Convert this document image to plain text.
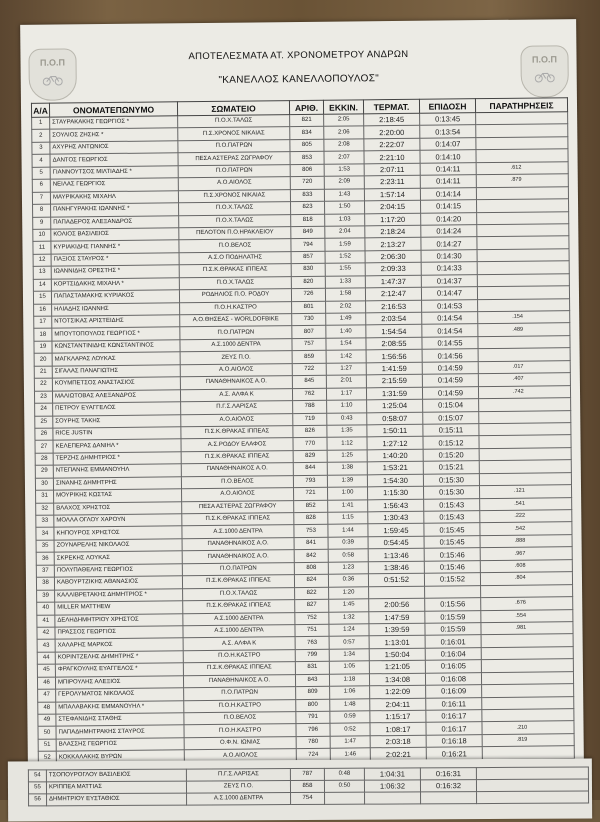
Π.Ο.Π	Π.Ο.Π
ΑΠΟΤΕΛΕΣΜΑΤΑ ΑΤ. ΧΡΟΝΟΜΕΤΡΟΥ ΑΝΔΡΩΝ
"ΚΑΝΕΛΛΟΣ ΚΑΝΕΛΛΟΠΟΥΛΟΣ"
Α/Α	ΟΝΟΜΑΤΕΠΩΝΥΜΟ	ΣΩΜΑΤΕΙΟ	ΑΡΙΘ.	ΕΚΚΙΝ.	ΤΕΡΜΑΤ.	ΕΠΙΔΟΣΗ	ΠΑΡΑΤΗΡΗΣΕΙΣ
1	ΣΤΑΥΡΑΚΑΚΗΣ ΓΕΩΡΓΙΟΣ *	Π.Ο.Χ.ΤΑΛΩΣ	821	2:05	2:18:45	0:13:45	
2	ΣΟΥΛΙΟΣ ΖΗΣΗΣ *	Π.Σ.ΧΡΟΝΟΣ ΝΙΚΑΙΑΣ	834	2:06	2:20:00	0:13:54	
3	ΑΧΥΡΗΣ ΑΝΤΩΝΙΟΣ	Π.Ο.ΠΑΤΡΩΝ	805	2:08	2:22:07	0:14:07	
4	ΔΑΝΤΟΣ ΓΕΩΡΓΙΟΣ	ΠΕΣΑ ΑΣΤΕΡΑΣ ΖΩΓΡΑΦΟΥ	853	2:07	2:21:10	0:14:10	
5	ΓΙΑΝΝΟΥΤΣΟΣ ΜΙΛΤΙΑΔΗΣ *	Π.Ο.ΠΑΤΡΩΝ	806	1:53	2:07:11	0:14:11	.612
6	ΝΕΙΛΑΣ ΓΕΩΡΓΙΟΣ	Α.Ο.ΑΙΟΛΟΣ	720	2:09	2:23:11	0:14:11	.879
7	ΜΑΥΡΙΚΑΚΗΣ ΜΙΧΑΗΛ	Π.Σ.ΧΡΟΝΟΣ ΝΙΚΑΙΑΣ	833	1:43	1:57:14	0:14:14	
8	ΠΑΝΗΓΥΡΑΚΗΣ ΙΩΑΝΝΗΣ *	Π.Ο.Χ.ΤΑΛΩΣ	823	1:50	2:04:15	0:14:15	
9	ΠΑΠΑΔΕΡΟΣ ΑΛΕΞΑΝΔΡΟΣ	Π.Ο.Χ.ΤΑΛΩΣ	818	1:03	1:17:20	0:14:20	
10	ΚΟΛΙΟΣ ΒΑΣΙΛΕΙΟΣ	ΠΕΛΟΤΟΝ Π.Ο.ΗΡΑΚΛΕΙΟΥ	849	2:04	2:18:24	0:14:24	
11	ΚΥΡΙΑΚΙΔΗΣ ΓΙΑΝΝΗΣ *	Π.Ο.ΒΕΛΟΣ	794	1:59	2:13:27	0:14:27	
12	ΠΑΞΙΟΣ ΣΤΑΥΡΟΣ *	Α.Σ.Ο ΠΟΔΗΛΑΤΗΣ	857	1:52	2:06:30	0:14:30	
13	ΙΩΑΝΝΙΔΗΣ ΟΡΕΣΤΗΣ *	Π.Σ.Κ.ΘΡΑΚΑΣ ΙΠΠΕΑΣ	830	1:55	2:09:33	0:14:33	
14	ΚΟΡΤΣΙΔΑΚΗΣ ΜΙΧΑΗΛ *	Π.Ο.Χ.ΤΑΛΩΣ	820	1:33	1:47:37	0:14:37	
15	ΠΑΠΑΣΤΑΜΑΚΗΣ ΚΥΡΙΑΚΟΣ	ΡΟΔΗΛΙΟΣ Π.Ο. ΡΟΔΟΥ	726	1:58	2:12:47	0:14:47	
16	ΗΛΙΑΔΗΣ ΙΩΑΝΝΗΣ	Π.Ο.Η.ΚΑΣΤΡΟ	801	2:02	2:16:53	0:14:53	
17	ΝΤΟΤΣΙΚΑΣ ΑΡΙΣΤΕΙΔΗΣ	Α.Ο.ΘΗΣΕΑΣ - WORLDOFBIKE	730	1:49	2:03:54	0:14:54	.154
18	ΜΠΟΥΤΟΠΟΥΛΟΣ ΓΕΩΡΓΙΟΣ *	Π.Ο.ΠΑΤΡΩΝ	807	1:40	1:54:54	0:14:54	.489
19	ΚΩΝΣΤΑΝΤΙΝΙΔΗΣ ΚΩΝΣΤΑΝΤΙΝΟΣ	Α.Σ.1000 ΔΕΝΤΡΑ	757	1:54	2:08:55	0:14:55	
20	ΜΑΓΚΛΑΡΑΣ ΛΟΥΚΑΣ	ΖΕΥΣ Π.Ο.	859	1:42	1:56:56	0:14:56	
21	ΣΙΓΑΛΑΣ ΠΑΝΑΓΙΩΤΗΣ	Α.Ο.ΑΙΟΛΟΣ	722	1:27	1:41:59	0:14:59	.017
22	ΚΟΥΜΠΕΤΣΟΣ ΑΝΑΣΤΑΣΙΟΣ	ΠΑΝΑΘΗΝΑΙΚΟΣ Α.Ο.	845	2:01	2:15:59	0:14:59	.407
23	ΜΑΛΙΩΤΟΒΑΣ ΑΛΕΞΑΝΔΡΟΣ	Α.Σ. ΑΛΦΑ Κ	762	1:17	1:31:59	0:14:59	.742
24	ΠΕΤΡΟΥ ΕΥΑΓΓΕΛΟΣ	Π.Γ.Σ.ΛΑΡΙΣΑΣ	788	1:10	1:25:04	0:15:04	
25	ΣΟΥΡΗΣ ΤΑΚΗΣ	Α.Ο.ΑΙΟΛΟΣ	719	0:43	0:58:07	0:15:07	
26	RICE JUSTIN	Π.Σ.Κ.ΘΡΑΚΑΣ ΙΠΠΕΑΣ	826	1:35	1:50:11	0:15:11	
27	ΚΕΛΕΠΕΡΑΣ ΔΑΝΙΗΛ *	Α.Σ.ΡΟΔΟΥ ΕΛΑΦΟΣ	770	1:12	1:27:12	0:15:12	
28	ΤΕΡΖΗΣ ΔΗΜΗΤΡΙΟΣ *	Π.Σ.Κ.ΘΡΑΚΑΣ ΙΠΠΕΑΣ	829	1:25	1:40:20	0:15:20	
29	ΝΤΕΠΑΝΗΣ ΕΜΜΑΝΟΥΗΛ	ΠΑΝΑΘΗΝΑΙΚΟΣ Α.Ο.	844	1:38	1:53:21	0:15:21	
30	ΣΙΝΑΝΗΣ ΔΗΜΗΤΡΗΣ	Π.Ο.ΒΕΛΟΣ	793	1:39	1:54:30	0:15:30	
31	ΜΟΥΡΙΚΗΣ ΚΩΣΤΑΣ	Α.Ο.ΑΙΟΛΟΣ	721	1:00	1:15:30	0:15:30	.121
32	ΒΛΑΧΟΣ ΧΡΗΣΤΟΣ	ΠΕΣΑ ΑΣΤΕΡΑΣ ΖΩΓΡΑΦΟΥ	852	1:41	1:56:43	0:15:43	.541
33	ΜΟΛΛΑ ΟΓΛΟΥ ΧΑΡΟΥΝ	Π.Σ.Κ.ΘΡΑΚΑΣ ΙΠΠΕΑΣ	828	1:15	1:30:43	0:15:43	.222
34	ΚΗΠΟΥΡΟΣ ΧΡΗΣΤΟΣ	Α.Σ.1000 ΔΕΝΤΡΑ	753	1:44	1:59:45	0:15:45	.542
35	ΖΟΥΝΑΡΕΛΗΣ ΝΙΚΟΛΑΟΣ	ΠΑΝΑΘΗΝΑΙΚΟΣ Α.Ο.	841	0:39	0:54:45	0:15:45	.888
36	ΣΚΡΕΚΗΣ ΛΟΥΚΑΣ	ΠΑΝΑΘΗΝΑΙΚΟΣ Α.Ο.	842	0:58	1:13:46	0:15:46	.967
37	ΠΟΛΥΠΑΘΕΛΗΣ ΓΕΩΡΓΙΟΣ	Π.Ο.ΠΑΤΡΩΝ	808	1:23	1:38:46	0:15:46	.608
38	ΚΑΒΟΥΡΤΖΙΚΗΣ ΑΘΑΝΑΣΙΟΣ	Π.Σ.Κ.ΘΡΑΚΑΣ ΙΠΠΕΑΣ	824	0:36	0:51:52	0:15:52	.804
39	ΚΑΛΛΙΒΡΕΤΑΚΗΣ ΔΗΜΗΤΡΙΟΣ *	Π.Ο.Χ.ΤΑΛΩΣ	822	1:20			
40	MILLER MATTHEW	Π.Σ.Κ.ΘΡΑΚΑΣ ΙΠΠΕΑΣ	827	1:45	2:00:56	0:15:56	.676
41	ΔΕΛΗΔΗΜΗΤΡΙΟΥ ΧΡΗΣΤΟΣ	Α.Σ.1000 ΔΕΝΤΡΑ	752	1:32	1:47:59	0:15:59	.554
42	ΠΡΑΣΣΟΣ ΓΕΩΡΓΙΟΣ	Α.Σ.1000 ΔΕΝΤΡΑ	751	1:24	1:39:59	0:15:59	.981
43	ΧΑΛΑΡΗΣ ΜΑΡΚΟΣ	Α.Σ. ΑΛΦΑ Κ	763	0:57	1:13:01	0:16:01	
44	ΚΟΡΙΝΤΖΕΛΗΣ ΔΗΜΗΤΡΗΣ *	Π.Ο.Η.ΚΑΣΤΡΟ	799	1:34	1:50:04	0:16:04	
45	ΦΡΑΓΚΟΥΛΗΣ ΕΥΑΓΓΕΛΟΣ *	Π.Σ.Κ.ΘΡΑΚΑΣ ΙΠΠΕΑΣ	831	1:05	1:21:05	0:16:05	
46	ΜΠΙΡΟΥΛΗΣ ΑΛΕΞΙΟΣ	ΠΑΝΑΘΗΝΑΙΚΟΣ Α.Ο.	843	1:18	1:34:08	0:16:08	
47	ΓΕΡΟΛΥΜΑΤΟΣ ΝΙΚΟΛΑΟΣ	Π.Ο.ΠΑΤΡΩΝ	809	1:06	1:22:09	0:16:09	
48	ΜΠΑΛΑΒΑΚΗΣ ΕΜΜΑΝΟΥΗΛ *	Π.Ο.Η.ΚΑΣΤΡΟ	800	1:48	2:04:11	0:16:11	
49	ΣΤΕΦΑΝΙΔΗΣ ΣΤΑΘΗΣ	Π.Ο.ΒΕΛΟΣ	791	0:59	1:15:17	0:16:17	
50	ΠΑΠΑΔΗΜΗΤΡΑΚΗΣ ΣΤΑΥΡΟΣ	Π.Ο.Η.ΚΑΣΤΡΟ	796	0:52	1:08:17	0:16:17	.210
51	ΒΛΑΣΣΗΣ ΓΕΩΡΓΙΟΣ	Ο.Φ.Ν. ΙΩΝΙΑΣ	780	1:47	2:03:18	0:16:18	.819
52	ΚΟΚΚΑΛΑΚΗΣ ΒΥΡΩΝ	Α.Ο.ΑΙΟΛΟΣ	724	1:46	2:02:21	0:16:21	

54	ΤΣΟΠΟΥΡΟΓΛΟΥ ΒΑΣΙΛΕΙΟΣ	Π.Γ.Σ.ΛΑΡΙΣΑΣ	787	0:48	1:04:31	0:16:31	
55	ΚΡΙΠΠΕΑ ΜΑΤΤΙΑΣ	ΖΕΥΣ Π.Ο.	858	0:50	1:06:32	0:16:32	
56	ΔΗΜΗΤΡΙΟΥ ΕΥΣΤΑΘΙΟΣ	Α.Σ.1000 ΔΕΝΤΡΑ	754				
